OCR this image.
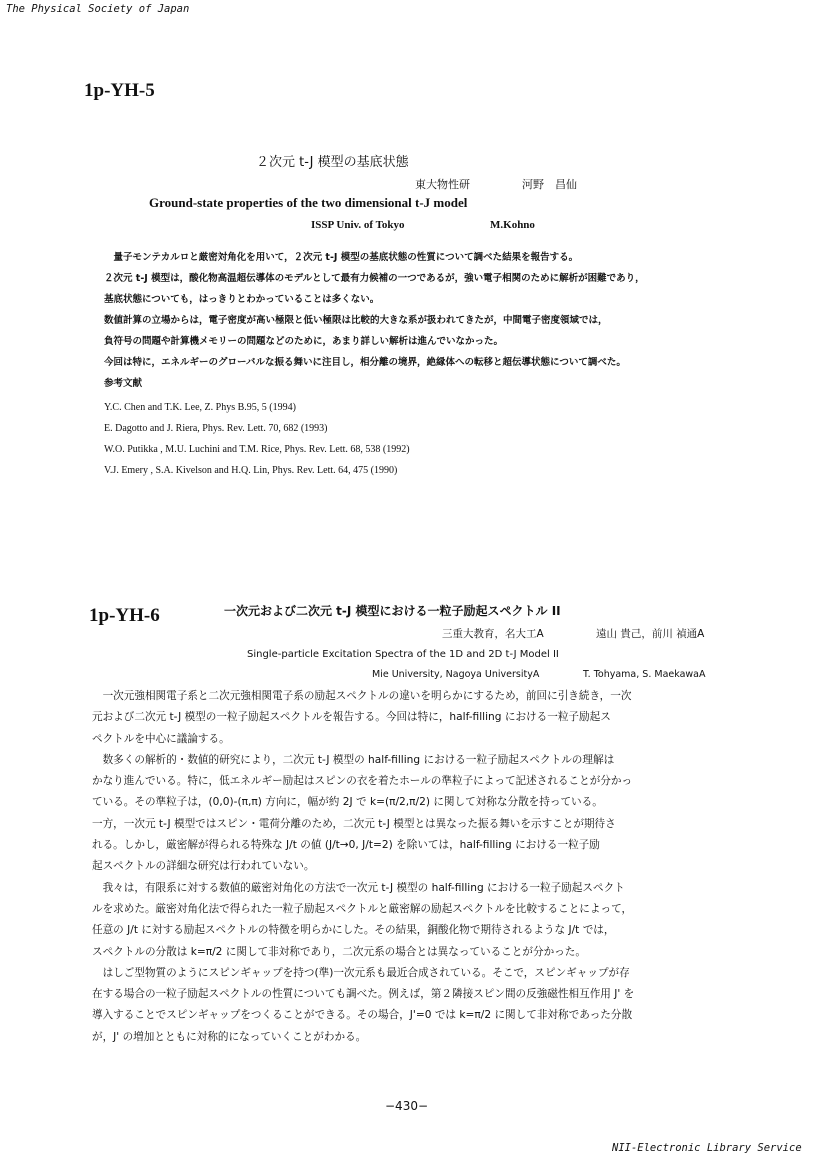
The Physical Society of Japan
1p-YH-5
２次元 t-J 模型の基底状態
東大物性研	河野　昌仙
Ground-state properties of the two dimensional t-J model
ISSP Univ. of Tokyo	M.Kohno
　量子モンテカルロと厳密対角化を用いて，２次元 t-J 模型の基底状態の性質について調べた結果を報告する。
２次元 t-J 模型は，酸化物高温超伝導体のモデルとして最有力候補の一つであるが，強い電子相関のために解析が困難であり，
基底状態についても，はっきりとわかっていることは多くない。
数値計算の立場からは，電子密度が高い極限と低い極限は比較的大きな系が扱われてきたが，中間電子密度領域では，
負符号の問題や計算機メモリーの問題などのために，あまり詳しい解析は進んでいなかった。
今回は特に，エネルギーのグローバルな振る舞いに注目し，相分離の境界，絶縁体への転移と超伝導状態について調べた。
参考文献
Y.C. Chen and T.K. Lee, Z. Phys B.95, 5 (1994)
E. Dagotto and J. Riera, Phys. Rev. Lett. 70, 682 (1993)
W.O. Putikka , M.U. Luchini and T.M. Rice, Phys. Rev. Lett. 68, 538 (1992)
V.J. Emery , S.A. Kivelson and H.Q. Lin, Phys. Rev. Lett. 64, 475 (1990)
1p-YH-6	一次元および二次元 t-J 模型における一粒子励起スペクトル II
三重大教育，名大工A	遠山 貴己，前川 禎通A
Single-particle Excitation Spectra of the 1D and 2D t-J Model II
Mie University, Nagoya UniversityA	T. Tohyama, S. MaekawaA
　一次元強相関電子系と二次元強相関電子系の励起スペクトルの違いを明らかにするため，前回に引き続き，一次
元および二次元 t-J 模型の一粒子励起スペクトルを報告する。今回は特に，half-filling における一粒子励起ス
ペクトルを中心に議論する。
　数多くの解析的・数値的研究により，二次元 t-J 模型の half-filling における一粒子励起スペクトルの理解は
かなり進んでいる。特に，低エネルギー励起はスピンの衣を着たホールの準粒子によって記述されることが分かっ
ている。その準粒子は，(0,0)-(π,π) 方向に，幅が約 2J で k=(π/2,π/2) に関して対称な分散を持っている。
一方，一次元 t-J 模型ではスピン・電荷分離のため，二次元 t-J 模型とは異なった振る舞いを示すことが期待さ
れる。しかし，厳密解が得られる特殊な J/t の値 (J/t→0, J/t=2) を除いては，half-filling における一粒子励
起スペクトルの詳細な研究は行われていない。
　我々は，有限系に対する数値的厳密対角化の方法で一次元 t-J 模型の half-filling における一粒子励起スペクト
ルを求めた。厳密対角化法で得られた一粒子励起スペクトルと厳密解の励起スペクトルを比較することによって，
任意の J/t に対する励起スペクトルの特徴を明らかにした。その結果，銅酸化物で期待されるような J/t では，
スペクトルの分散は k=π/2 に関して非対称であり，二次元系の場合とは異なっていることが分かった。
　はしご型物質のようにスピンギャップを持つ(準)一次元系も最近合成されている。そこで，スピンギャップが存
在する場合の一粒子励起スペクトルの性質についても調べた。例えば，第２隣接スピン間の反強磁性相互作用 J' を
導入することでスピンギャップをつくることができる。その場合，J'=0 では k=π/2 に関して非対称であった分散
が，J' の増加とともに対称的になっていくことがわかる。
−430−
NII-Electronic Library Service
